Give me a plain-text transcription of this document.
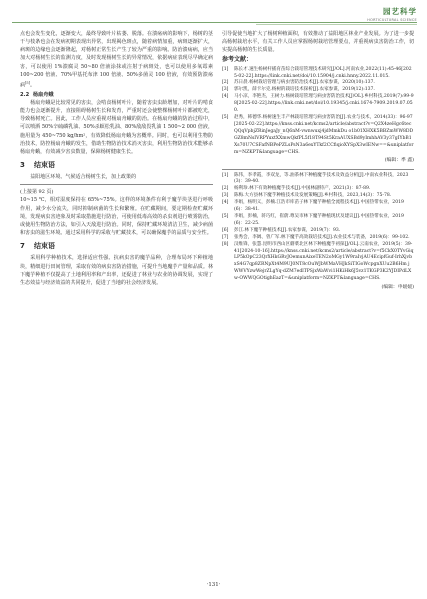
园艺科学
HORTICULTURAL SCIENCE

点也会发生变化，逐渐变大，最终导致叶片枯萎、脱落。在溃疡病的影响下，杨树的茎干与枝条也会在发病初期表现出异常，出现褐色斑点，随着病情加重，病斑逐渐扩大，病斑的边缘也会逐渐隆起，对杨树正常生长产生了较为严重的影响。防治溃疡病，应当加大对杨树生长的监测力度，及时发现杨树生长的异常情况，依据病症表现尽早确定病害，可以使用 1%溃腐灵 50~80 倍液涂抹或注射于病斑处，也可以使用多氧霉素 100~200 倍液、70%甲基托布津 100 倍液、50%多菌灵 100 倍液，有效预防溃疡病[5]。

2.2 杨扇舟蛾

杨扇舟蛾是比较常见的害虫，会啃食杨树叶片，随着害虫虫龄增加，对叶片的啃食能力也会逐渐提升，直接阻碍杨树生长和发育，严重时还会使整棵杨树叶片都被吃光，导致杨树死亡。因此，工作人员应重视对杨扇舟蛾的防治。在杨扇舟蛾的防治过程中，可以喷洒 50%辛硫磷乳油、50%杀螟松乳油、80%敌敌畏乳油 1 500~2 000 倍液，施用量为 450~750 kg/hm²，有效降低杨扇舟蛾为害概率。同时，也可以利用生物防治技术，防控杨扇舟蛾的发生，借助生物防治技术消灭害虫，利用生物防治技术能够杀杨扇舟蛾，有效减少害虫数量，保障杨树健康生长。

3 结束语

益阳地区环境、气候适合杨树生长，加上政策的

(上接第 92 页)

10~15 ℃，相对湿度保持在 65%~75%。这样的环境条件有利于魔芋块茎进行呼吸作用，减少水分流失，同时抑制病菌的生长和繁殖。在贮藏期间，要定期检查贮藏环境，发现病虫害迹象及时采取措施进行防治，可使用低毒高效的杀虫剂进行喷雾防治，或使用生物防治方法，如引入天敌进行防治。同时，保持贮藏环境清洁卫生，减少病菌和害虫的滋生环境。通过采用科学的采收与贮藏技术，可以确保魔芋的品质与安全性。

7 结束语

采用科学种植技术，选择适应性强、抗病虫害的魔芋品种，合理布局环下种植地块，精细进行田间管理，采取有效的病虫害防治措施，可提升当地魔芋产量和品质。林下魔芋种植不仅提高了土地利用率和产出率，还促进了林业与农业的协调发展，实现了生态效益与经济效益的共同提升，促进了当地的社会经济发展。

引导促使当地扩大了杨树种植面积，有效推动了益阳地区林业产业发展。为了进一步提高杨树栽培水平，有关工作人员应掌握杨树栽培管理要点，并重视病虫害防治工作，切实提高杨树的生长质量。

参考文献：
[1]	陈长才.速生杨树杆插育苗综合栽培管理技术研究[J/OL].河南农业,2022(11):45-46[2025-02-22].https://link.cnki.net/doi/10.15904/j.cnki.hnny.2022.11.015.
[2]	苏日晨.杨树栽培管理与病虫害防治技术[J].农家参谋，2020(10):137.
[3]	郭尔凯，薛卡尔克.杨树的栽培技术探析[J].农家参谋，2019(12):137.
[4]	马小凉，李艳杰，王树力.杨树栽培管理与病虫害防治技术[J/OL].乡村科技,2019(7):99-98[2025-02-22].https://link.cnki.net/doi/10.19345/j.cnki.1674-7909.2019.07.050.
[5]	赵秀，韩德华.杨树速生丰产林栽培管理与病虫害防治[J].农业与技术，2014(33)：96-97[2025-02-22].https://knss.cnki.net/kcms2/article/abstract?v=Q2X4zeHgc6tecQQqVpbjZRinJegaJy_nQ6nM-vwnwuxj4jdMmkDu o1b01XHXK5BBZmWW8DDGZ8mNsIVRPYuxtXXmwQkfPL5f18T94St5KraAUXSBd9yImhhAV3y37gIYbB1Xs70U7CSFafNBPePZLsPsN3a6exYTkf2CCfiqioXYSpX3wIENw==&uniplatform=NZKPT&language=CHS.
(编辑：季 鑫)
[1]	陈伟，李孝霞，李双龙，等.油茶林下种植魔芋技术及效益分析[J].中南农业科技，2023(3)：39-40.
[2]	杨利珍.林下有效种植魔芋技术[J].中国林副特产，2021(3)：87-89.
[3]	陈梅.大方县林下魔芋种植技术及发展策略[J].乡村科技，2023,14(3)：75-78.
[4]	李娟，杨明义，彭楠.江浩市库苗子林下魔芋种植全流程技术[J].中国热带农业，2019(6)：38-41.
[5]	李娟，彭楠，蒋巧红，崔蔚.尊吴市林下魔芋种植现状及建议[J].中国热带农业，2019(6)：22-25.
[6]	彭江.林下魔芋种植技术[J].农家参谋，2019(7)：93.
[7]	张秀会，李阔、曾广军.林下魔芋高效栽培技术[J].农业技术与装备，2019(6)：99-102.
[8]	汉维锋，张慧.昆明市西山区蘑菜北区林下种植魔芋初探[J/OL].云南农业，2019(5)：39-41[2024-10-16].https://knss.cnki.net/kcms2/article/abstract?v=f5CkX0TYvGiqLP5kOpC23QrXHkGRvJOemunAixeTEN2oMGy1W9raIvjAU4EcipfGuf-IrhXjvbxS4G7qp8ZRNpXt4M9UJ0NT8cOuWJbWMaVHJkSiTIGoWcpgnXUu2B6Hm jWWVYzwWejrZLgYq-dZM7edlTPSjxWaWvi1HKiHk6J5vz1TKGP3K2YJDIPdLXw-OWWQGOtighEazT=&uniplatform=NZKPT&language=CHS.
(编辑：申媛媛)
·131·
